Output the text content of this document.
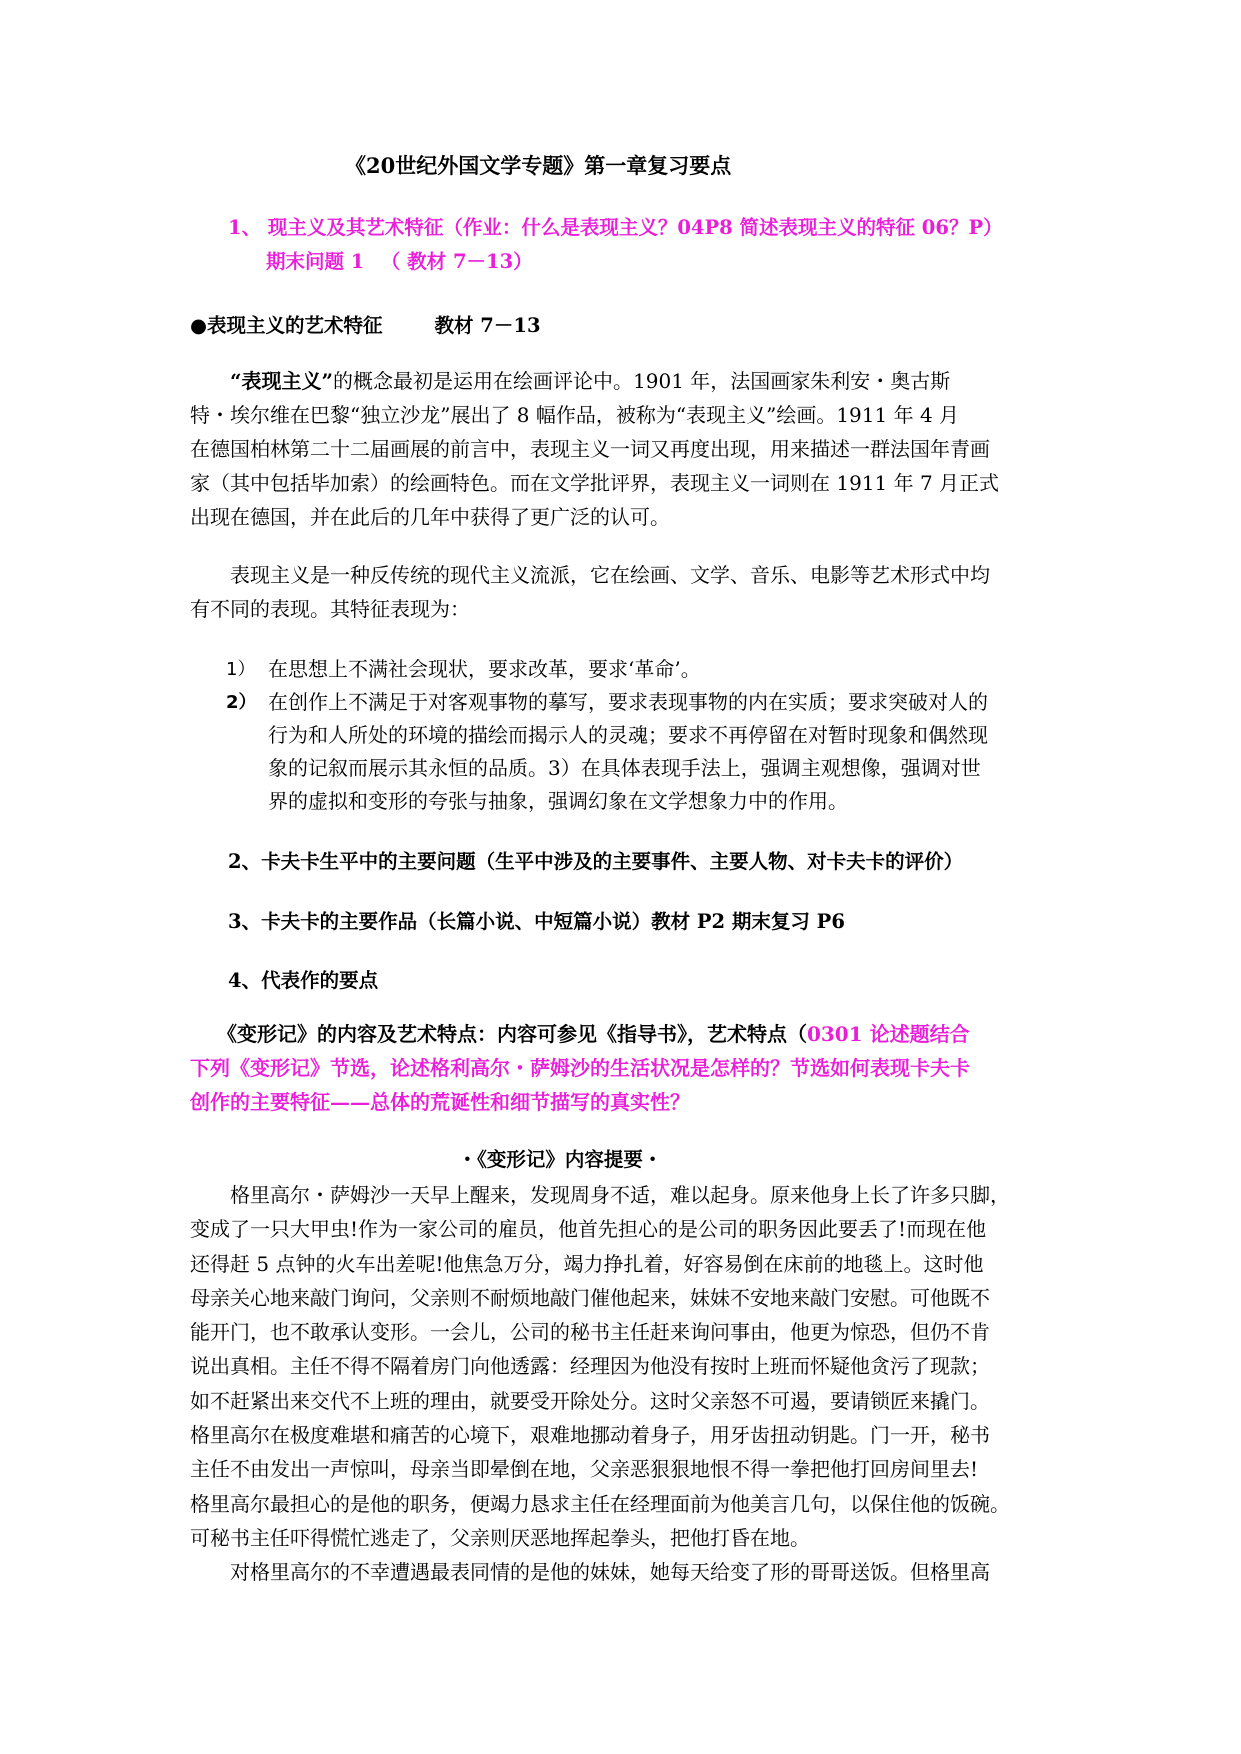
《20世纪外国文学专题》第一章复习要点
1、 现主义及其艺术特征（作业：什么是表现主义？04P8 简述表现主义的特征 06？P）
期末问题 1 　（ 教材 7－13）
●表现主义的艺术特征	教材 7－13
　　“表现主义”的概念最初是运用在绘画评论中。1901 年，法国画家朱利安・奥古斯
特・埃尔维在巴黎“独立沙龙”展出了 8 幅作品，被称为“表现主义”绘画。1911 年 4 月
在德国柏林第二十二届画展的前言中，表现主义一词又再度出现，用来描述一群法国年青画
家（其中包括毕加索）的绘画特色。而在文学批评界，表现主义一词则在 1911 年 7 月正式
出现在德国，并在此后的几年中获得了更广泛的认可。
　　表现主义是一种反传统的现代主义流派，它在绘画、文学、音乐、电影等艺术形式中均
有不同的表现。其特征表现为：
1） 在思想上不满社会现状，要求改革，要求‘革命’。
2） 在创作上不满足于对客观事物的摹写，要求表现事物的内在实质；要求突破对人的
行为和人所处的环境的描绘而揭示人的灵魂；要求不再停留在对暂时现象和偶然现
象的记叙而展示其永恒的品质。3）在具体表现手法上，强调主观想像，强调对世
界的虚拟和变形的夸张与抽象，强调幻象在文学想象力中的作用。
2、卡夫卡生平中的主要问题（生平中涉及的主要事件、主要人物、对卡夫卡的评价）
3、卡夫卡的主要作品（长篇小说、中短篇小说）教材 P2 期末复习 P6
4、代表作的要点
　 《变形记》的内容及艺术特点：内容可参见《指导书》，艺术特点（0301 论述题结合
下列《变形记》节选，论述格利高尔・萨姆沙的生活状况是怎样的？节选如何表现卡夫卡
创作的主要特征——总体的荒诞性和细节描写的真实性？
・《变形记》内容提要・
　　格里高尔・萨姆沙一天早上醒来，发现周身不适，难以起身。原来他身上长了许多只脚，
变成了一只大甲虫!作为一家公司的雇员，他首先担心的是公司的职务因此要丢了!而现在他
还得赶 5 点钟的火车出差呢!他焦急万分，竭力挣扎着，好容易倒在床前的地毯上。这时他
母亲关心地来敲门询问，父亲则不耐烦地敲门催他起来，妹妹不安地来敲门安慰。可他既不
能开门，也不敢承认变形。一会儿，公司的秘书主任赶来询问事由，他更为惊恐，但仍不肯
说出真相。主任不得不隔着房门向他透露：经理因为他没有按时上班而怀疑他贪污了现款；
如不赶紧出来交代不上班的理由，就要受开除处分。这时父亲怒不可遏，要请锁匠来撬门。
格里高尔在极度难堪和痛苦的心境下，艰难地挪动着身子，用牙齿扭动钥匙。门一开，秘书
主任不由发出一声惊叫，母亲当即晕倒在地，父亲恶狠狠地恨不得一拳把他打回房间里去!
格里高尔最担心的是他的职务，便竭力恳求主任在经理面前为他美言几句，以保住他的饭碗。
可秘书主任吓得慌忙逃走了，父亲则厌恶地挥起拳头，把他打昏在地。
　　对格里高尔的不幸遭遇最表同情的是他的妹妹，她每天给变了形的哥哥送饭。但格里高
